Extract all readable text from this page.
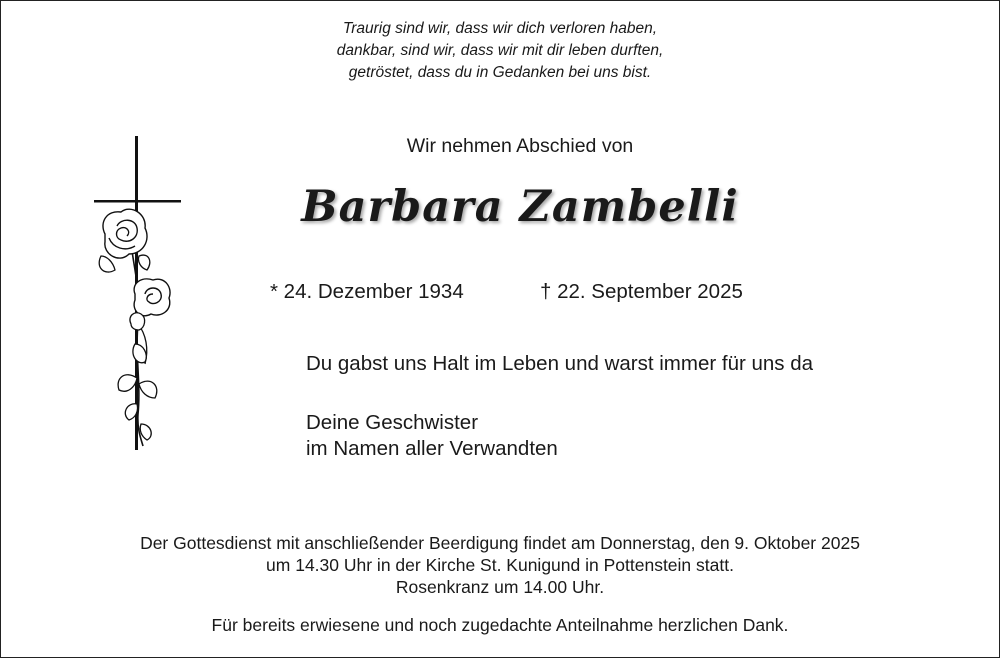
Traurig sind wir, dass wir dich verloren haben,
dankbar, sind wir, dass wir mit dir leben durften,
getröstet, dass du in Gedanken bei uns bist.
Wir nehmen Abschied von
Barbara Zambelli
* 24. Dezember 1934	† 22. September 2025
Du gabst uns Halt im Leben und warst immer für uns da
Deine Geschwister
im Namen aller Verwandten
Der Gottesdienst mit anschließender Beerdigung findet am Donnerstag, den 9. Oktober 2025
um 14.30 Uhr in der Kirche St. Kunigund in Pottenstein statt.
Rosenkranz um 14.00 Uhr.
Für bereits erwiesene und noch zugedachte Anteilnahme herzlichen Dank.
